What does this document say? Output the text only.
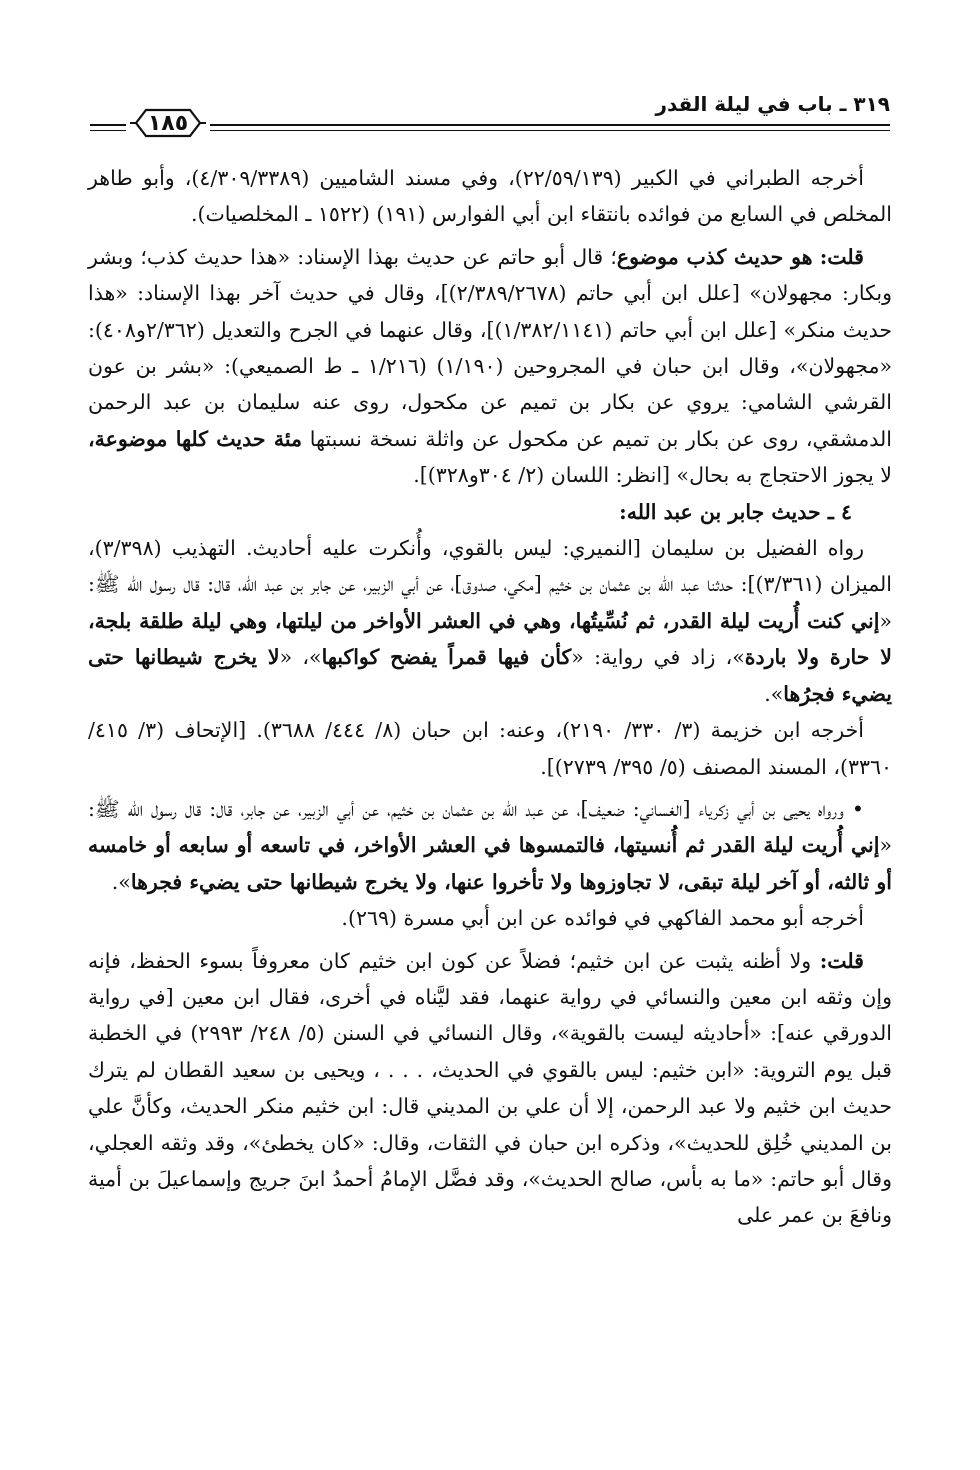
٣١٩ ـ باب في ليلة القدر
١٨٥

أخرجه الطبراني في الكبير (٢٢/٥٩/١٣٩)، وفي مسند الشاميين (٤/٣٠٩/٣٣٨٩)، وأبو طاهر المخلص في السابع من فوائده بانتقاء ابن أبي الفوارس (١٩١) (١٥٢٢ ـ المخلصيات).

قلت: هو حديث كذب موضوع؛ قال أبو حاتم عن حديث بهذا الإسناد: «هذا حديث كذب؛ وبشر وبكار: مجهولان» [علل ابن أبي حاتم (٢/٣٨٩/٢٦٧٨)]، وقال في حديث آخر بهذا الإسناد: «هذا حديث منكر» [علل ابن أبي حاتم (١/٣٨٢/١١٤١)]، وقال عنهما في الجرح والتعديل (٢/٣٦٢و٤٠٨): «مجهولان»، وقال ابن حبان في المجروحين (١/١٩٠) (١/٢١٦ ـ ط الصميعي): «بشر بن عون القرشي الشامي: يروي عن بكار بن تميم عن مكحول، روى عنه سليمان بن عبد الرحمن الدمشقي، روى عن بكار بن تميم عن مكحول عن واثلة نسخة نسبتها مئة حديث كلها موضوعة، لا يجوز الاحتجاج به بحال» [انظر: اللسان (٢/ ٣٠٤و٣٢٨)].

٤ ـ حديث جابر بن عبد الله:

رواه الفضيل بن سليمان [النميري: ليس بالقوي، وأُنكرت عليه أحاديث. التهذيب (٣/٣٩٨)، الميزان (٣/٣٦١)]: حدثنا عبد الله بن عثمان بن خثيم [مكي، صدوق]، عن أبي الزبير، عن جابر بن عبد الله، قال: قال رسول الله ﷺ: «إني كنت أُريت ليلة القدر، ثم نُسِّيتُها، وهي في العشر الأواخر من ليلتها، وهي ليلة طلقة بلجة، لا حارة ولا باردة»، زاد في رواية: «كأن فيها قمراً يفضح كواكبها»، «لا يخرج شيطانها حتى يضيء فجرُها».

أخرجه ابن خزيمة (٣/ ٣٣٠/ ٢١٩٠)، وعنه: ابن حبان (٨/ ٤٤٤/ ٣٦٨٨). [الإتحاف (٣/ ٤١٥/ ٣٣٦٠)، المسند المصنف (٥/ ٣٩٥/ ٢٧٣٩)].

• ورواه يحيى بن أبي زكرياء [الغساني: ضعيف]، عن عبد الله بن عثمان بن خثيم، عن أبي الزبير، عن جابر، قال: قال رسول الله ﷺ: «إني أُريت ليلة القدر ثم أُنسيتها، فالتمسوها في العشر الأواخر، في تاسعه أو سابعه أو خامسه أو ثالثه، أو آخر ليلة تبقى، لا تجاوزوها ولا تأخروا عنها، ولا يخرج شيطانها حتى يضيء فجرها».

أخرجه أبو محمد الفاكهي في فوائده عن ابن أبي مسرة (٢٦٩).

قلت: ولا أظنه يثبت عن ابن خثيم؛ فضلاً عن كون ابن خثيم كان معروفاً بسوء الحفظ، فإنه وإن وثقه ابن معين والنسائي في رواية عنهما، فقد ليَّناه في أخرى، فقال ابن معين [في رواية الدورقي عنه]: «أحاديثه ليست بالقوية»، وقال النسائي في السنن (٥/ ٢٤٨/ ٢٩٩٣) في الخطبة قبل يوم التروية: «ابن خثيم: ليس بالقوي في الحديث، . . . ، ويحيى بن سعيد القطان لم يترك حديث ابن خثيم ولا عبد الرحمن، إلا أن علي بن المديني قال: ابن خثيم منكر الحديث، وكأنَّ علي بن المديني خُلِق للحديث»، وذكره ابن حبان في الثقات، وقال: «كان يخطئ»، وقد وثقه العجلي، وقال أبو حاتم: «ما به بأس، صالح الحديث»، وقد فضَّل الإمامُ أحمدُ ابنَ جريج وإسماعيلَ بن أمية ونافعَ بن عمر على
